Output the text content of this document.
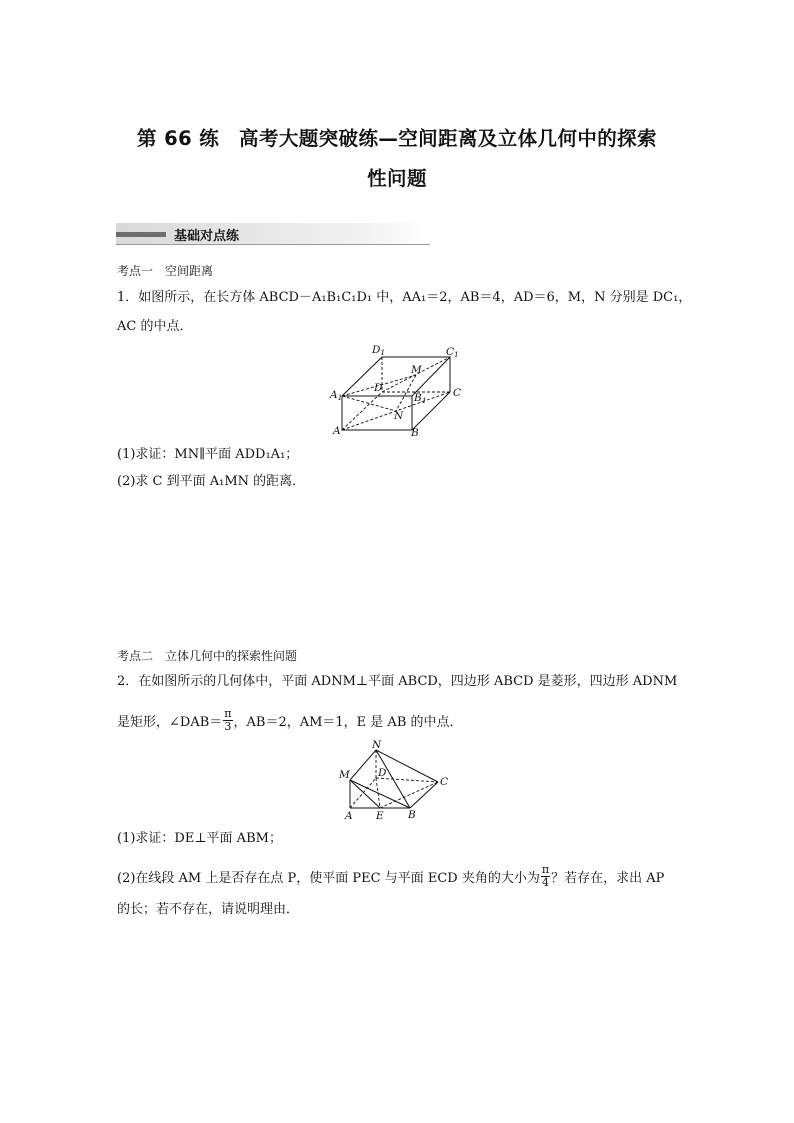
第 66 练　高考大题突破练—空间距离及立体几何中的探索
性问题
基础对点练
考点一　空间距离
1．如图所示，在长方体 ABCD－A₁B₁C₁D₁ 中，AA₁＝2，AB＝4，AD＝6，M，N 分别是 DC₁，
AC 的中点．
D1	C1
M
D	C
A1	B1
N
A	B
(1)求证：MN∥平面 ADD₁A₁；
(2)求 C 到平面 A₁MN 的距离．
考点二　立体几何中的探索性问题
2．在如图所示的几何体中，平面 ADNM⊥平面 ABCD，四边形 ABCD 是菱形，四边形 ADNM
是矩形，∠DAB＝ $\frac{\pi}{3}$ ，AB＝2，AM＝1，E 是 AB 的中点．
N
M	D
C
A E B
(1)求证：DE⊥平面 ABM；
(2)在线段 AM 上是否存在点 P，使平面 PEC 与平面 ECD 夹角的大小为 $\frac{\pi}{4}$ ？若存在，求出 AP
的长；若不存在，请说明理由．
